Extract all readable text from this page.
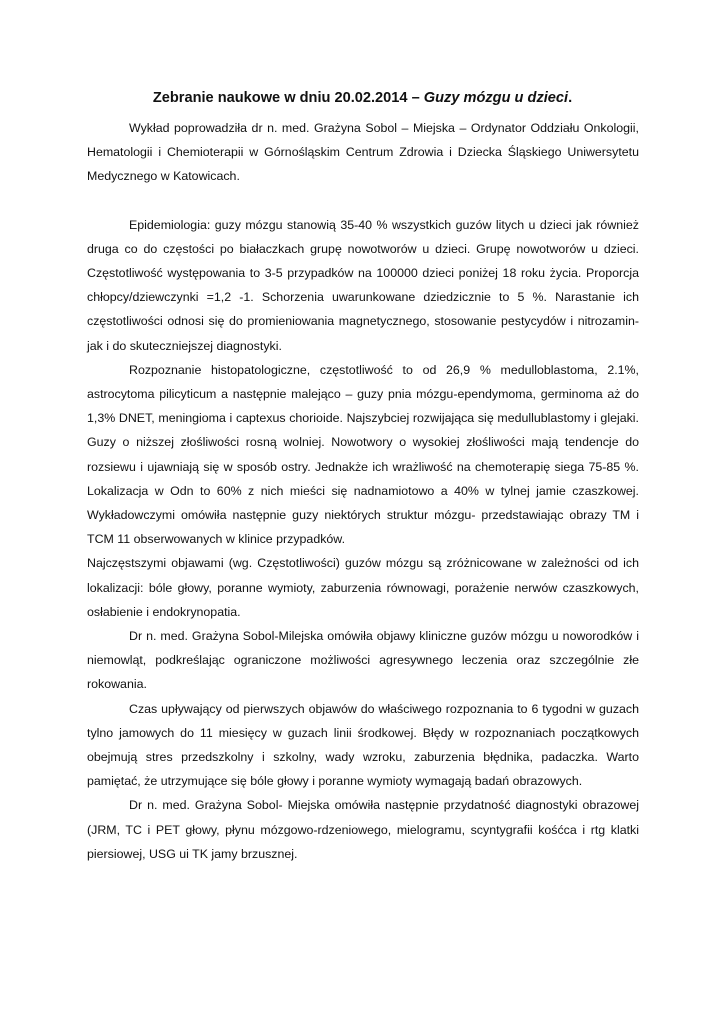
Zebranie naukowe w dniu 20.02.2014 – Guzy mózgu u dzieci.

Wykład poprowadziła dr n. med. Grażyna Sobol – Miejska – Ordynator Oddziału Onkologii, Hematologii i Chemioterapii w Górnośląskim Centrum Zdrowia i Dziecka Śląskiego Uniwersytetu Medycznego w Katowicach.

Epidemiologia: guzy mózgu stanowią 35-40 % wszystkich guzów litych u dzieci jak również druga co do częstości po białaczkach grupę nowotworów u dzieci. Grupę nowotworów u dzieci. Częstotliwość występowania to 3-5 przypadków na 100000 dzieci poniżej 18 roku życia. Proporcja chłopcy/dziewczynki =1,2 -1. Schorzenia uwarunkowane dziedzicznie to 5 %. Narastanie ich częstotliwości odnosi się do promieniowania magnetycznego, stosowanie pestycydów i nitrozamin-jak i do skuteczniejszej diagnostyki.

Rozpoznanie histopatologiczne, częstotliwość to od 26,9 % medulloblastoma, 2.1%, astrocytoma pilicyticum a następnie malejąco – guzy pnia mózgu-ependymoma, germinoma aż do 1,3% DNET, meningioma i captexus chorioide. Najszybciej rozwijająca się medullublastomy i glejaki. Guzy o niższej złośliwości rosną wolniej. Nowotwory o wysokiej złośliwości mają tendencje do rozsiewu i ujawniają się w sposób ostry. Jednakże ich wrażliwość na chemoterapię siega 75-85 %. Lokalizacja w Odn to 60% z nich mieści się nadnamiotowo a 40% w tylnej jamie czaszkowej. Wykładowczymi omówiła następnie guzy niektórych struktur mózgu- przedstawiając obrazy TM i TCM 11 obserwowanych w klinice przypadków.

Najczęstszymi objawami (wg. Częstotliwości) guzów mózgu są zróżnicowane w zależności od ich lokalizacji: bóle głowy, poranne wymioty, zaburzenia równowagi, porażenie nerwów czaszkowych, osłabienie i endokrynopatia.

Dr n. med. Grażyna Sobol-Milejska omówiła objawy kliniczne guzów mózgu u noworodków i niemowląt, podkreślając ograniczone możliwości agresywnego leczenia oraz szczególnie złe rokowania.

Czas upływający od pierwszych objawów do właściwego rozpoznania to 6 tygodni w guzach tylno jamowych do 11 miesięcy w guzach linii środkowej. Błędy w rozpoznaniach początkowych obejmują stres przedszkolny i szkolny, wady wzroku, zaburzenia błędnika, padaczka. Warto pamiętać, że utrzymujące się bóle głowy i poranne wymioty wymagają badań obrazowych.

Dr n. med. Grażyna Sobol- Miejska omówiła następnie przydatność diagnostyki obrazowej (JRM, TC i PET głowy, płynu mózgowo-rdzeniowego, mielogramu, scyntygrafii kośćca i rtg klatki piersiowej, USG ui TK jamy brzusznej.
